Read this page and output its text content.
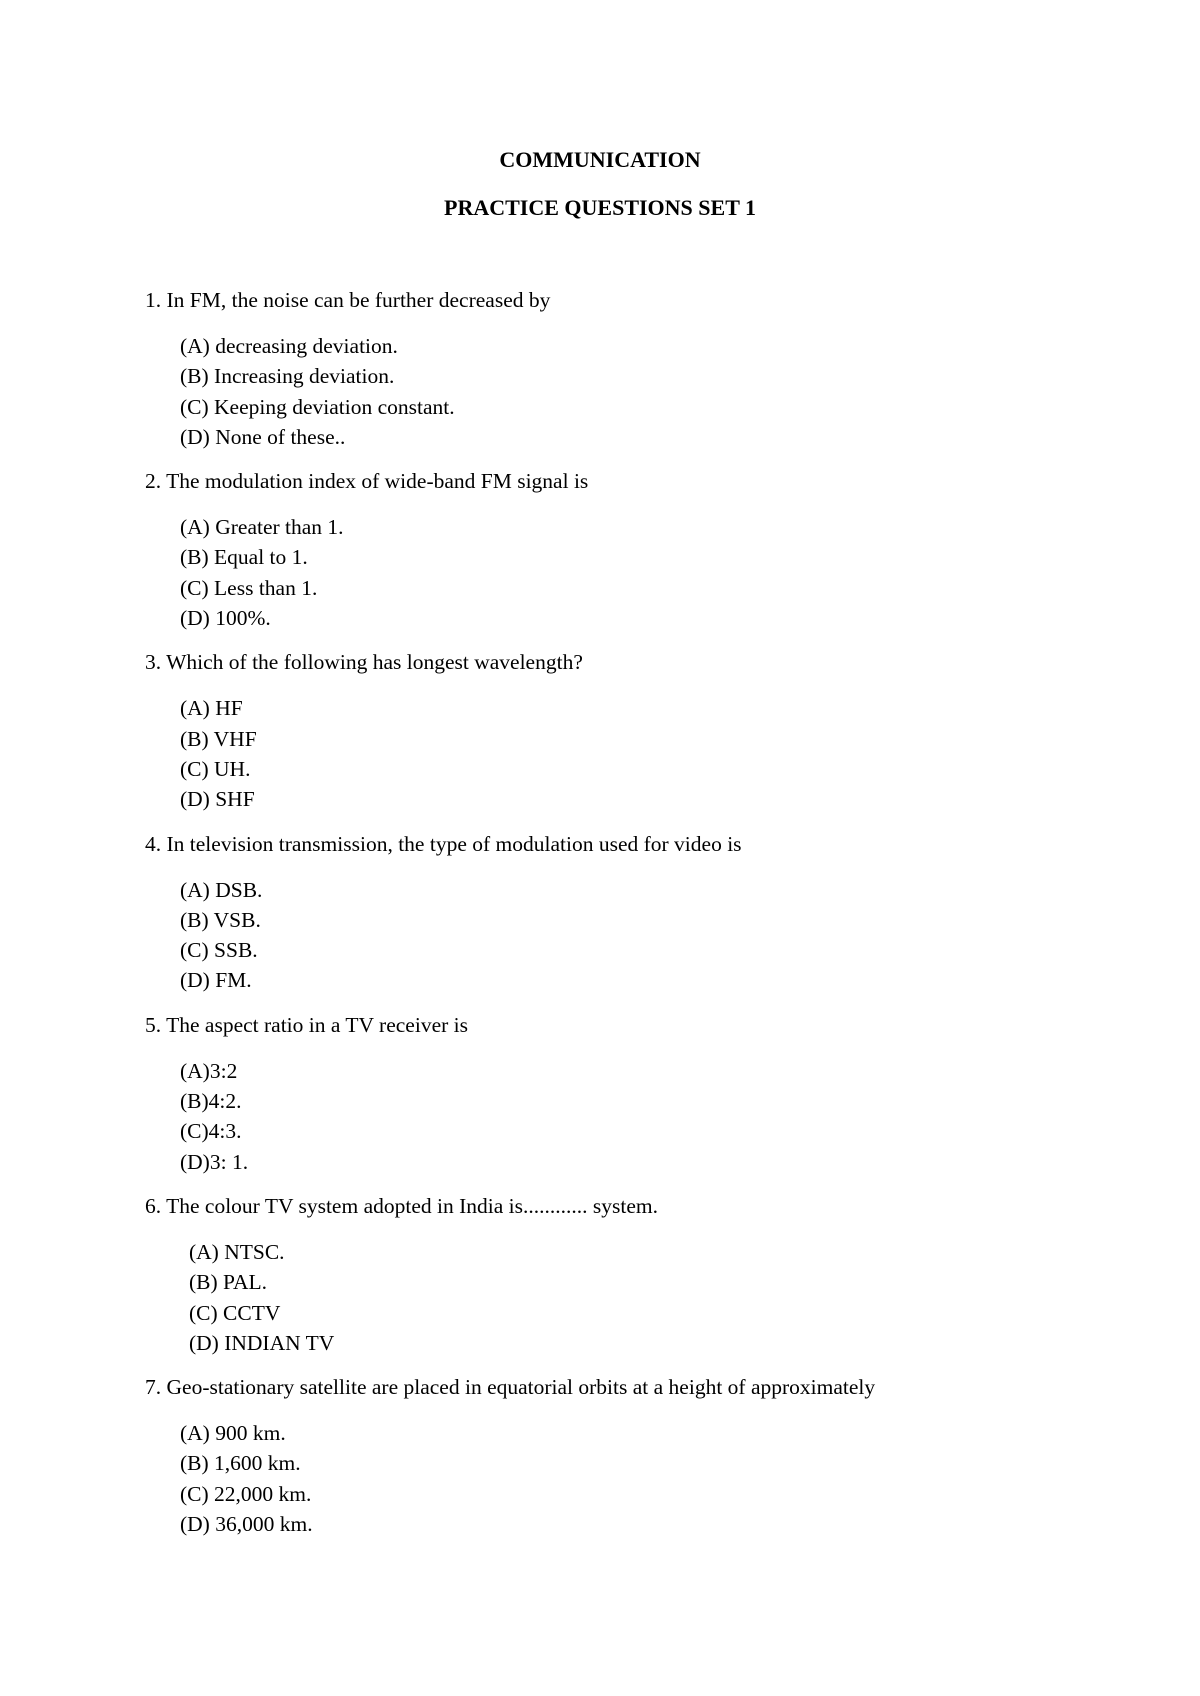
COMMUNICATION
PRACTICE QUESTIONS SET 1
1. In FM, the noise can be further decreased by
(A) decreasing deviation.
(B) Increasing deviation.
(C) Keeping deviation constant.
(D) None of these..
2. The modulation index of wide-band FM signal is
(A) Greater than 1.
(B) Equal to 1.
(C) Less than 1.
(D) 100%.
3. Which of the following has longest wavelength?
(A) HF
(B) VHF
(C) UH.
(D) SHF
4. In television transmission, the type of modulation used for video is
(A) DSB.
(B) VSB.
(C) SSB.
(D) FM.
5. The aspect ratio in a TV receiver is
(A)3:2
(B)4:2.
(C)4:3.
(D)3: 1.
6. The colour TV system adopted in India is............ system.
(A) NTSC.
(B) PAL.
(C) CCTV
(D) INDIAN TV
7. Geo-stationary satellite are placed in equatorial orbits at a height of approximately
(A) 900 km.
(B) 1,600 km.
(C) 22,000 km.
(D) 36,000 km.
